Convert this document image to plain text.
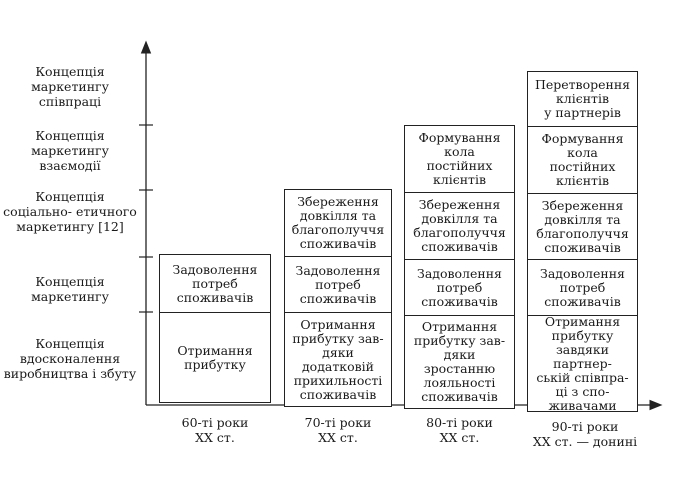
Концепція маркетингу співпраці
Концепція маркетингу взаємодії
Концепція соціально- етичного маркетингу [12]
Концепція маркетингу
Концепція вдосконалення виробництва і збуту
Задоволення
потреб
споживачів
Отримання
прибутку
Збереження
довкілля та
благополуччя
споживачів
Задоволення
потреб
споживачів
Отримання
прибутку зав-
дяки
додатковій
прихильності
споживачів
Формування
кола
постійних
клієнтів
Збереження
довкілля та
благополуччя
споживачів
Задоволення
потреб
споживачів
Отримання
прибутку зав-
дяки
зростанню
лояльності
споживачів
Перетворення
клієнтів
у партнерів
Формування
кола
постійних
клієнтів
Збереження
довкілля та
благополуччя
споживачів
Задоволення
потреб
споживачів
Отримання
прибутку завдяки партнер-
ській співпра-
ці з спо-
живачами
60-ті роки
XX ст.
70-ті роки
XX ст.
80-ті роки
XX ст.
90-ті роки
XX ст. — донині
